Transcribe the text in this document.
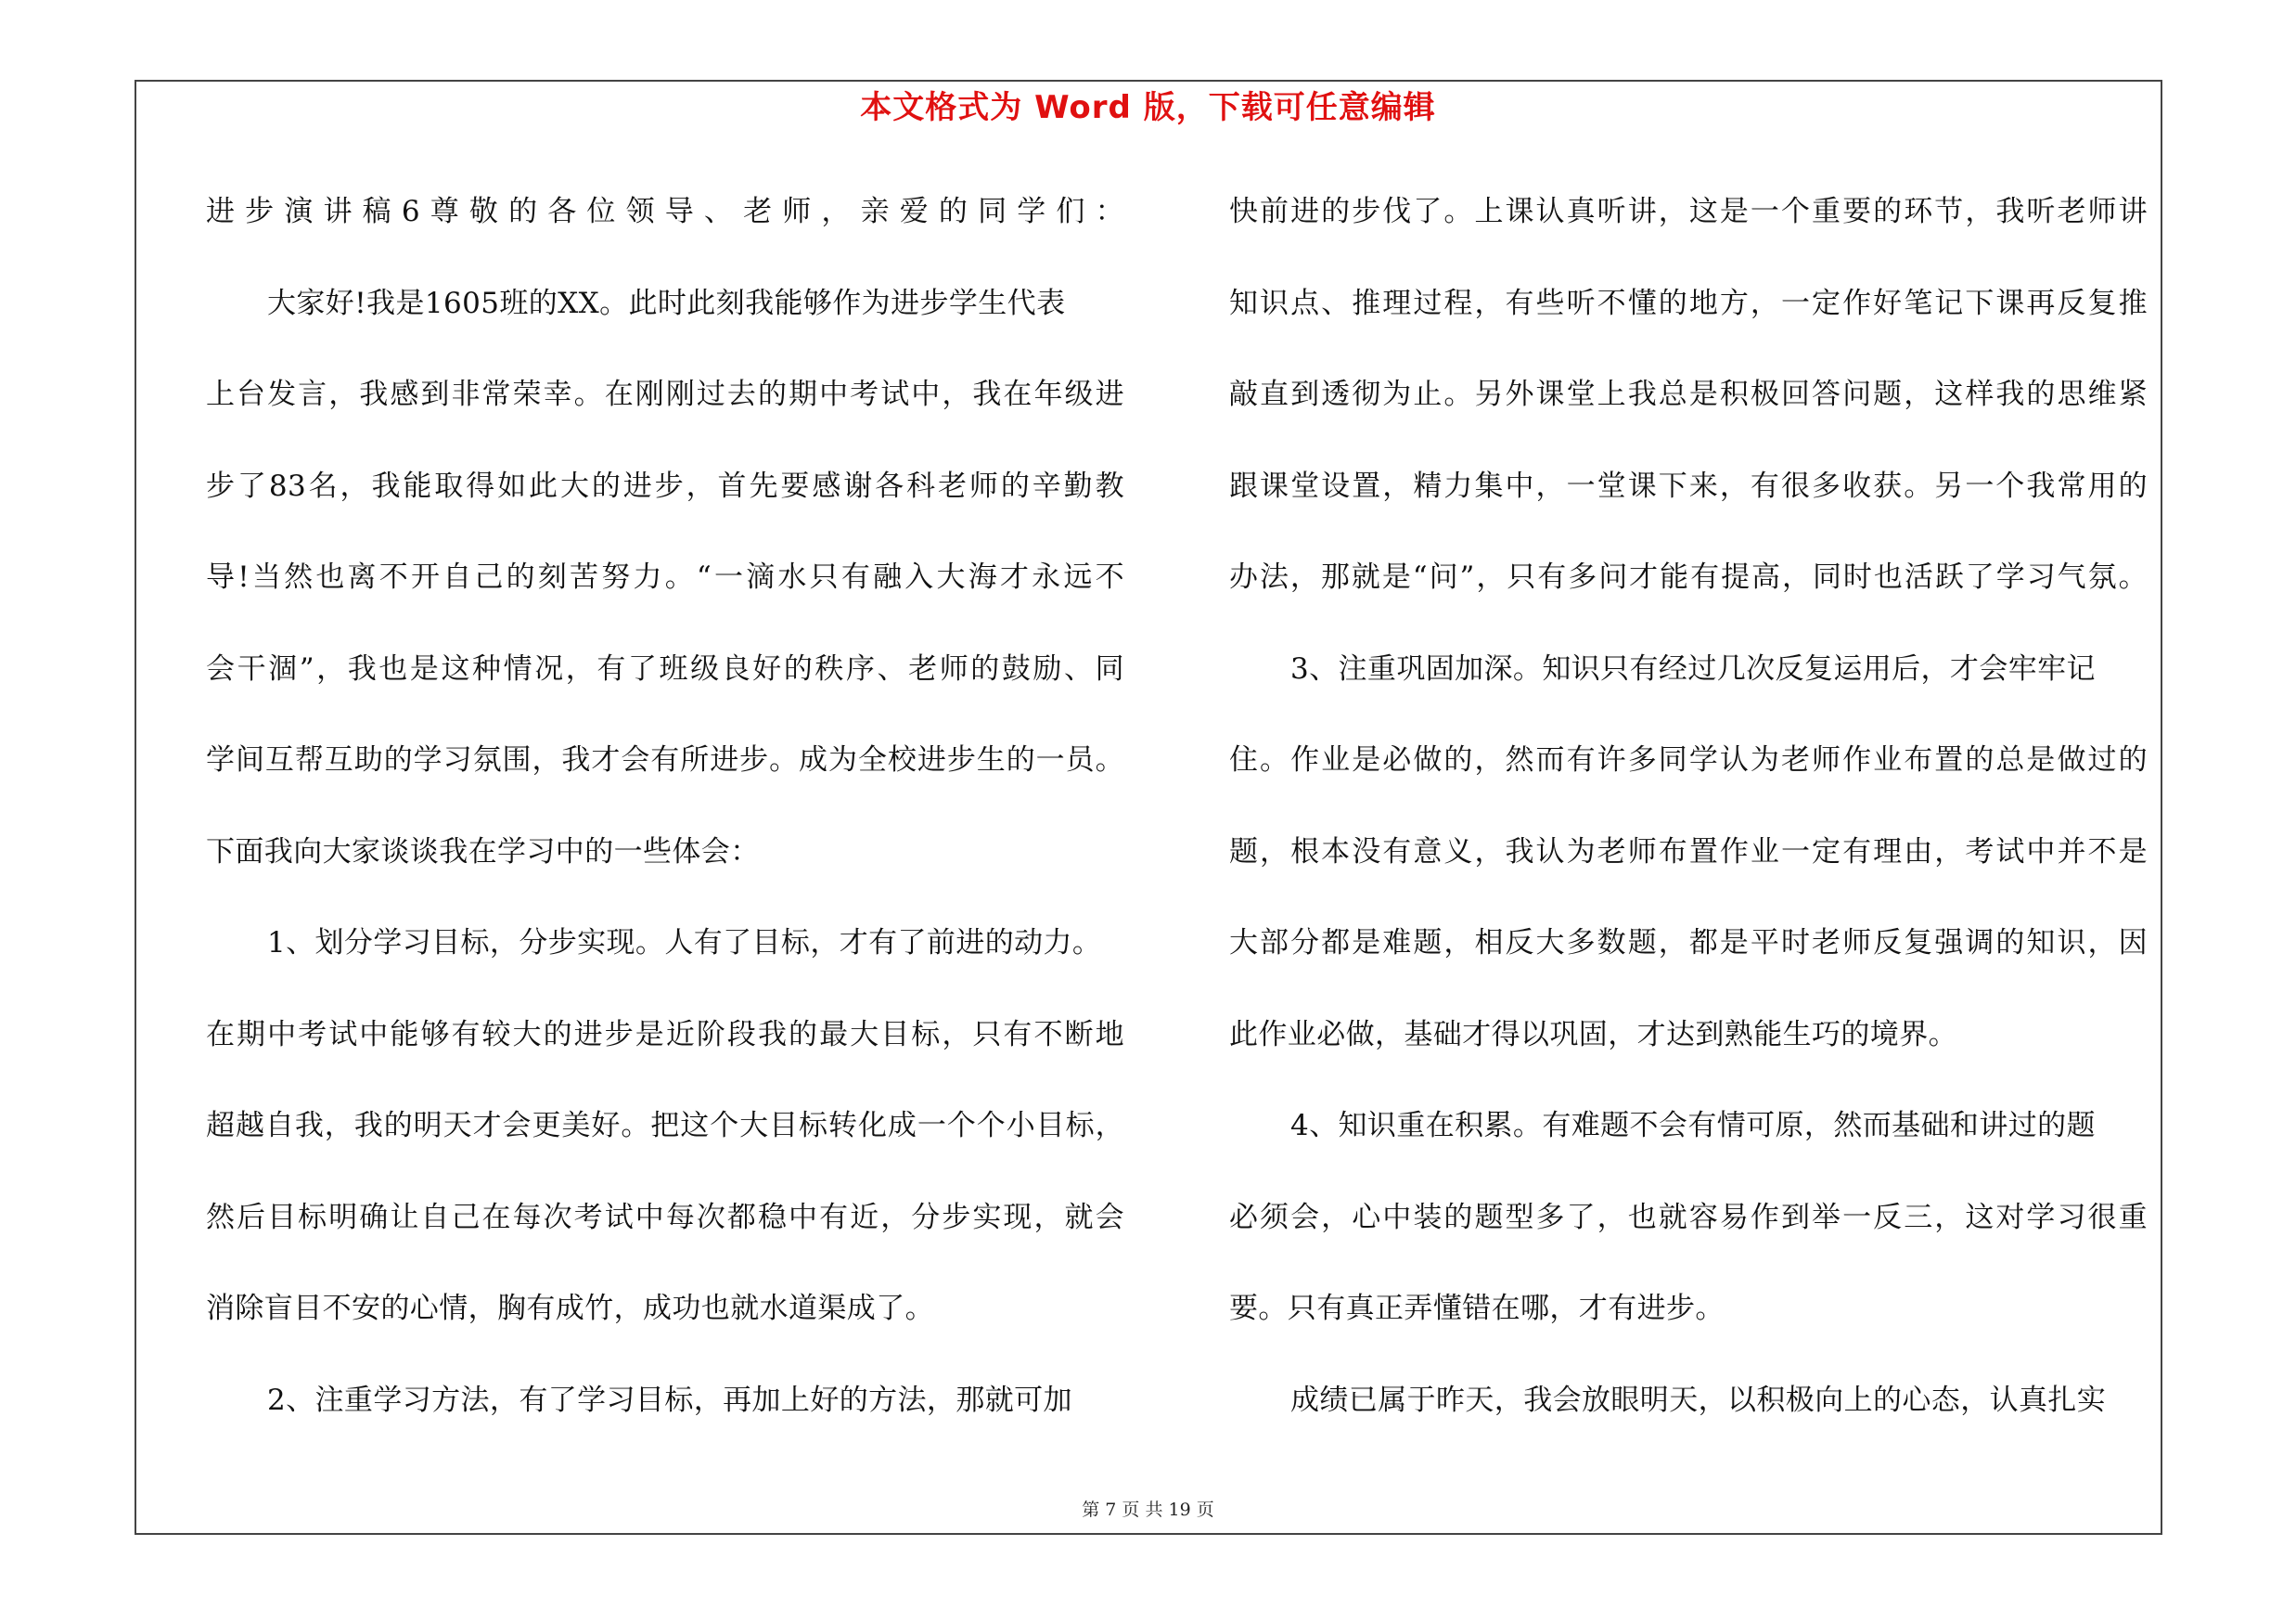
本文格式为 Word 版，下载可任意编辑
进步演讲稿6尊敬的各位领导、老师，亲爱的同学们：
大家好!我是1605班的XX。此时此刻我能够作为进步学生代表
上台发言，我感到非常荣幸。在刚刚过去的期中考试中，我在年级进
步了83名，我能取得如此大的进步，首先要感谢各科老师的辛勤教
导!当然也离不开自己的刻苦努力。“一滴水只有融入大海才永远不
会干涸”，我也是这种情况，有了班级良好的秩序、老师的鼓励、同
学间互帮互助的学习氛围，我才会有所进步。成为全校进步生的一员。
下面我向大家谈谈我在学习中的一些体会：
1、划分学习目标，分步实现。人有了目标，才有了前进的动力。
在期中考试中能够有较大的进步是近阶段我的最大目标，只有不断地
超越自我，我的明天才会更美好。把这个大目标转化成一个个小目标，
然后目标明确让自己在每次考试中每次都稳中有近，分步实现，就会
消除盲目不安的心情，胸有成竹，成功也就水道渠成了。
2、注重学习方法，有了学习目标，再加上好的方法，那就可加
快前进的步伐了。上课认真听讲，这是一个重要的环节，我听老师讲
知识点、推理过程，有些听不懂的地方，一定作好笔记下课再反复推
敲直到透彻为止。另外课堂上我总是积极回答问题，这样我的思维紧
跟课堂设置，精力集中，一堂课下来，有很多收获。另一个我常用的
办法，那就是“问”，只有多问才能有提高，同时也活跃了学习气氛。
3、注重巩固加深。知识只有经过几次反复运用后，才会牢牢记
住。作业是必做的，然而有许多同学认为老师作业布置的总是做过的
题，根本没有意义，我认为老师布置作业一定有理由，考试中并不是
大部分都是难题，相反大多数题，都是平时老师反复强调的知识，因
此作业必做，基础才得以巩固，才达到熟能生巧的境界。
4、知识重在积累。有难题不会有情可原，然而基础和讲过的题
必须会，心中装的题型多了，也就容易作到举一反三，这对学习很重
要。只有真正弄懂错在哪，才有进步。
成绩已属于昨天，我会放眼明天，以积极向上的心态，认真扎实
第 7 页 共 19 页
